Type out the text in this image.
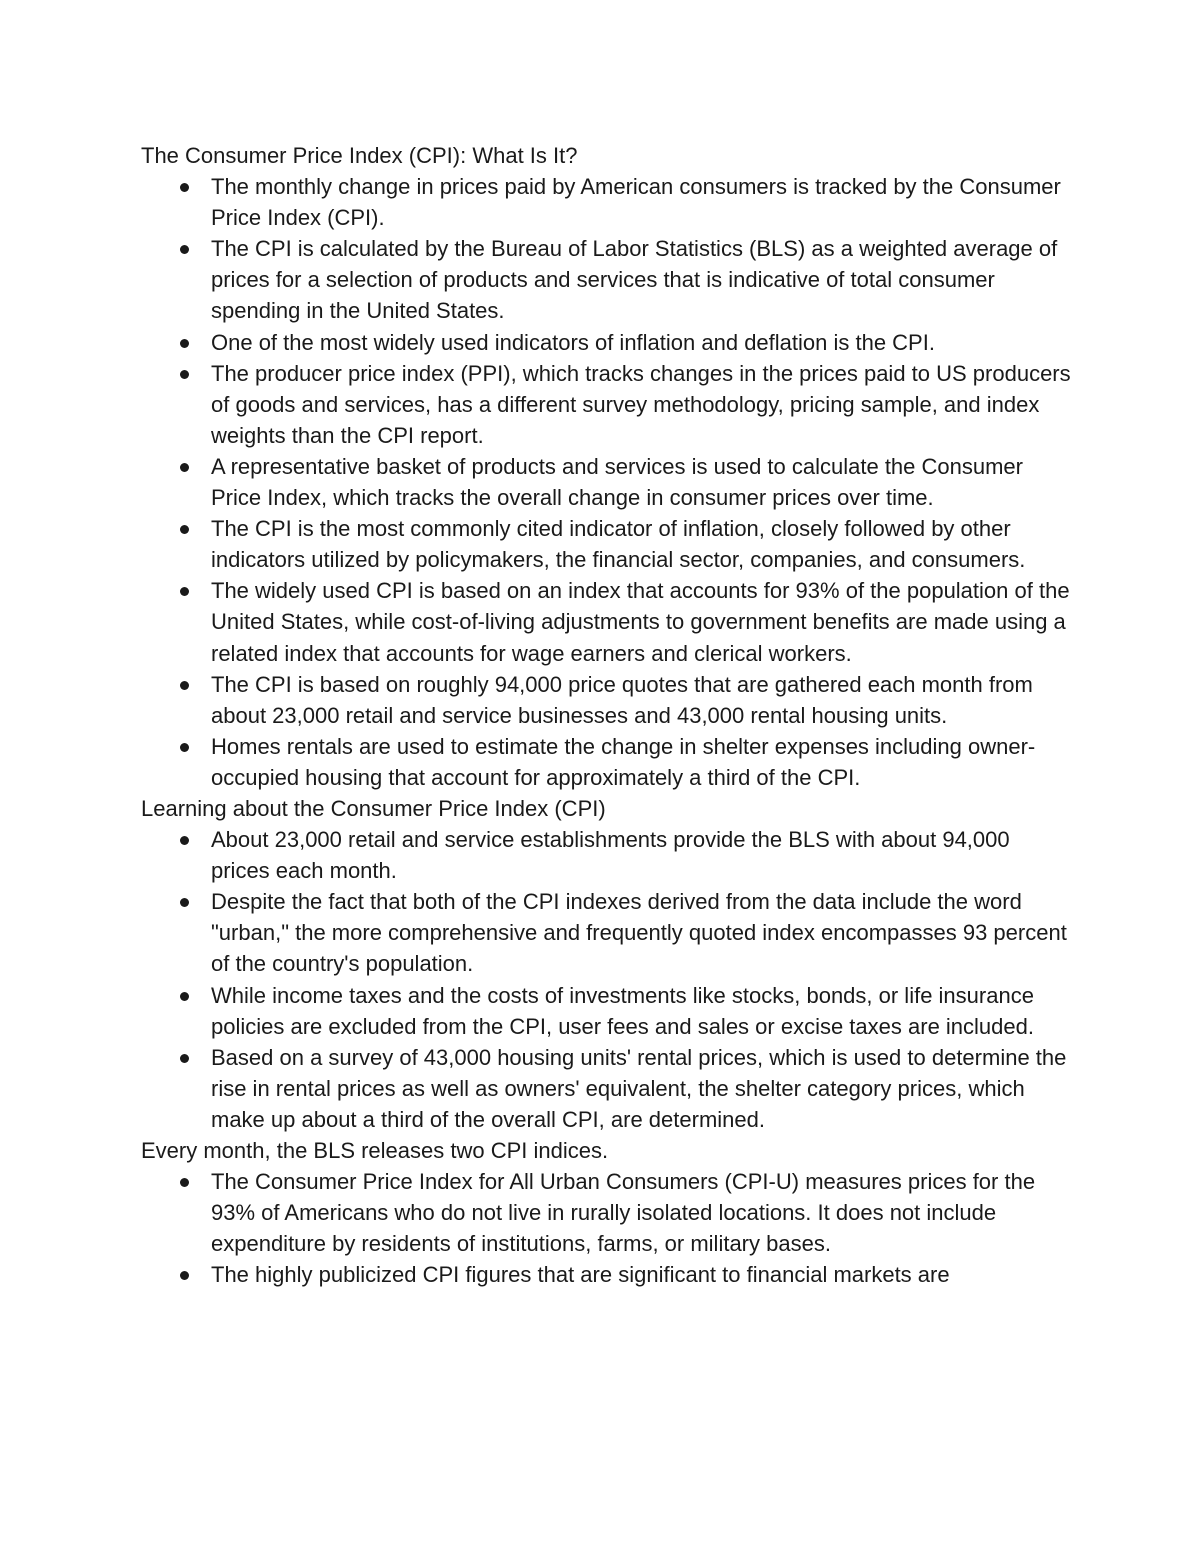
The Consumer Price Index (CPI): What Is It?

The monthly change in prices paid by American consumers is tracked by the Consumer Price Index (CPI).
The CPI is calculated by the Bureau of Labor Statistics (BLS) as a weighted average of prices for a selection of products and services that is indicative of total consumer spending in the United States.
One of the most widely used indicators of inflation and deflation is the CPI.
The producer price index (PPI), which tracks changes in the prices paid to US producers of goods and services, has a different survey methodology, pricing sample, and index weights than the CPI report.
A representative basket of products and services is used to calculate the Consumer Price Index, which tracks the overall change in consumer prices over time.
The CPI is the most commonly cited indicator of inflation, closely followed by other indicators utilized by policymakers, the financial sector, companies, and consumers.
The widely used CPI is based on an index that accounts for 93% of the population of the United States, while cost-of-living adjustments to government benefits are made using a related index that accounts for wage earners and clerical workers.
The CPI is based on roughly 94,000 price quotes that are gathered each month from about 23,000 retail and service businesses and 43,000 rental housing units.
Homes rentals are used to estimate the change in shelter expenses including owner-occupied housing that account for approximately a third of the CPI.

Learning about the Consumer Price Index (CPI)

About 23,000 retail and service establishments provide the BLS with about 94,000 prices each month.
Despite the fact that both of the CPI indexes derived from the data include the word "urban," the more comprehensive and frequently quoted index encompasses 93 percent of the country's population.
While income taxes and the costs of investments like stocks, bonds, or life insurance policies are excluded from the CPI, user fees and sales or excise taxes are included.
Based on a survey of 43,000 housing units' rental prices, which is used to determine the rise in rental prices as well as owners' equivalent, the shelter category prices, which make up about a third of the overall CPI, are determined.

Every month, the BLS releases two CPI indices.

The Consumer Price Index for All Urban Consumers (CPI-U) measures prices for the 93% of Americans who do not live in rurally isolated locations. It does not include expenditure by residents of institutions, farms, or military bases.
The highly publicized CPI figures that are significant to financial markets are
